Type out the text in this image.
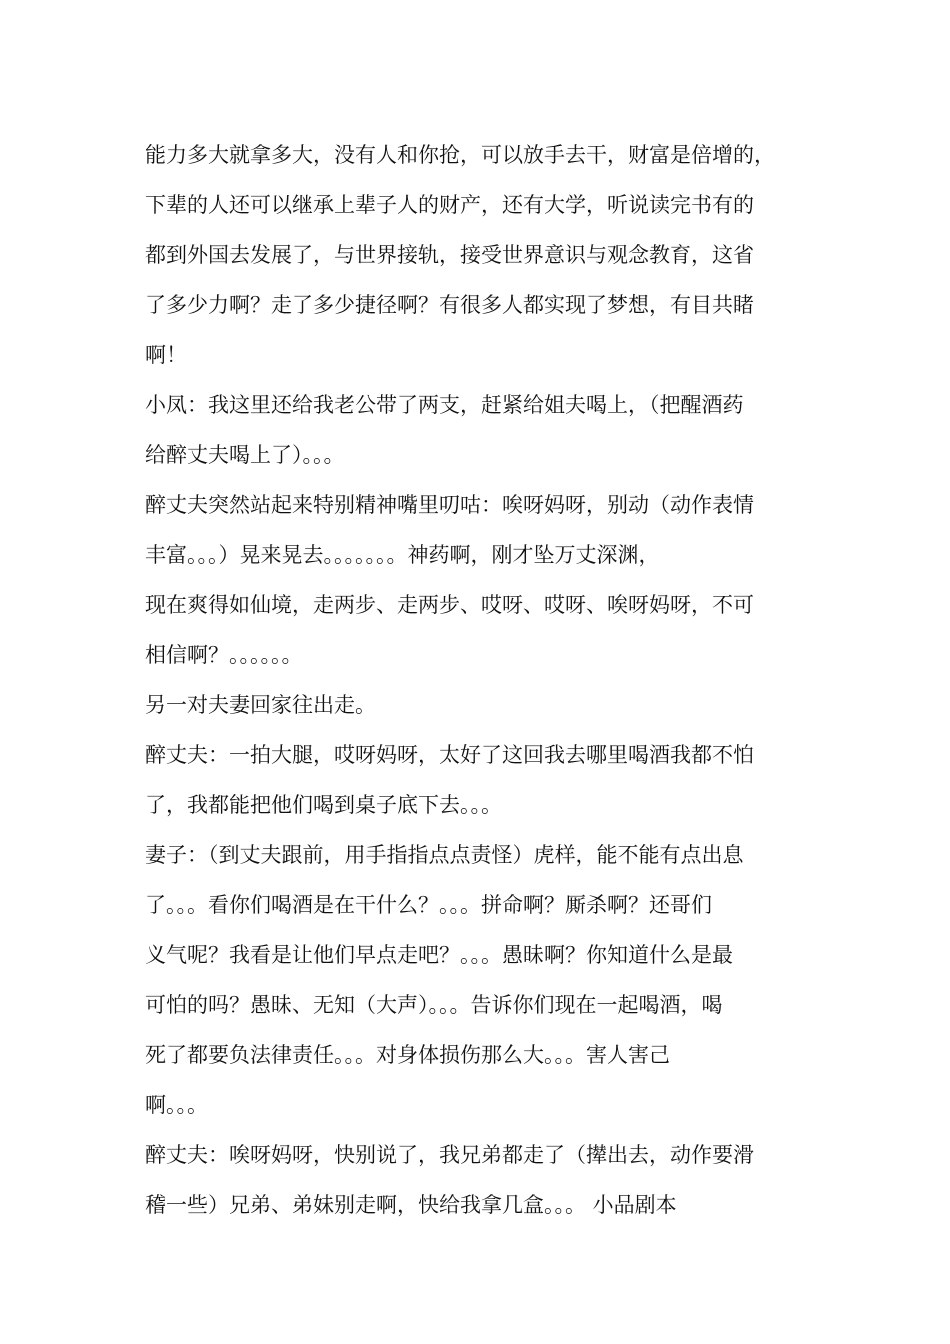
能力多大就拿多大，没有人和你抢，可以放手去干，财富是倍增的，
下辈的人还可以继承上辈子人的财产，还有大学，听说读完书有的
都到外国去发展了，与世界接轨，接受世界意识与观念教育，这省
了多少力啊？走了多少捷径啊？有很多人都实现了梦想，有目共睹
啊！
小凤：我这里还给我老公带了两支，赶紧给姐夫喝上，（把醒酒药
给醉丈夫喝上了）。。。
醉丈夫突然站起来特别精神嘴里叨咕：唉呀妈呀，别动（动作表情
丰富。。。）晃来晃去。。。。。。。神药啊，刚才坠万丈深渊，
现在爽得如仙境，走两步、走两步、哎呀、哎呀、唉呀妈呀，不可
相信啊？。。。。。。
另一对夫妻回家往出走。
醉丈夫：一拍大腿，哎呀妈呀，太好了这回我去哪里喝酒我都不怕
了，我都能把他们喝到桌子底下去。。。
妻子：（到丈夫跟前，用手指指点点责怪）虎样，能不能有点出息
了。。。看你们喝酒是在干什么？。。。拼命啊？厮杀啊？还哥们
义气呢？我看是让他们早点走吧？。。。愚昧啊？你知道什么是最
可怕的吗？愚昧、无知（大声）。。。告诉你们现在一起喝酒，喝
死了都要负法律责任。。。对身体损伤那么大。。。害人害己
啊。。。
醉丈夫：唉呀妈呀，快别说了，我兄弟都走了（撵出去，动作要滑
稽一些）兄弟、弟妹别走啊，快给我拿几盒。。。 小品剧本
